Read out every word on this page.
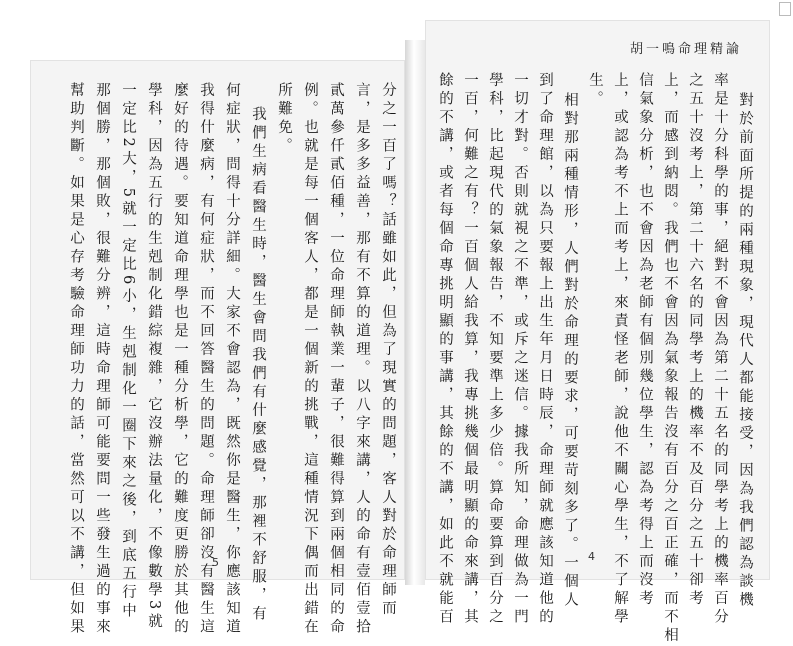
分之一百了嗎？話雖如此，但為了現實的問題，客人對於命理師而
言，是多多益善，那有不算的道理。以八字來講，人的命有壹佰壹拾
貳萬參仟貳佰種，一位命理師執業一輩子，很難得算到兩個相同的命
例。也就是每一個客人，都是一個新的挑戰，這種情況下偶而出錯在
所難免。
我們生病看醫生時，醫生會問我們有什麼感覺，那裡不舒服，有
何症狀，問得十分詳細。大家不會認為，既然你是醫生，你應該知道
我得什麼病，有何症狀，而不回答醫生的問題。命理師卻沒有醫生這
麼好的待遇。要知道命理學也是一種分析學，它的難度更勝於其他的
學科，因為五行的生剋制化錯綜複雜，它沒辦法量化，不像數學3就
一定比2大，5就一定比6小，生剋制化一圈下來之後，到底五行中
那個勝，那個敗，很難分辨，這時命理師可能要問一些發生過的事來
幫助判斷。如果是心存考驗命理師功力的話，當然可以不講，但如果	5
胡一鳴命理精論
對於前面所提的兩種現象，現代人都能接受，因為我們認為談機
率是十分科學的事，絕對不會因為第二十五名的同學考上的機率百分
之五十沒考上，第二十六名的同學考上的機率不及百分之五十卻考
上，而感到納悶。我們也不會因為氣象報告沒有百分之百正確，而不相
信氣象分析，也不會因為老師有個別幾位學生，認為考得上而沒考
上，或認為考不上而考上，來責怪老師，說他不關心學生，不了解學
生。
相對那兩種情形，人們對於命理的要求，可要苛刻多了。一個人
到了命理館，以為只要報上出生年月日時辰，命理師就應該知道他的
一切才對。否則就視之不準，或斥之迷信。據我所知，命理做為一門
學科，比起現代的氣象報告，不知要準上多少倍。算命要算到百分之
一百，何難之有？一百個人給我算，我專挑幾個最明顯的命來講，其
餘的不講，或者每個命專挑明顯的事講，其餘的不講，如此不就能百	4
